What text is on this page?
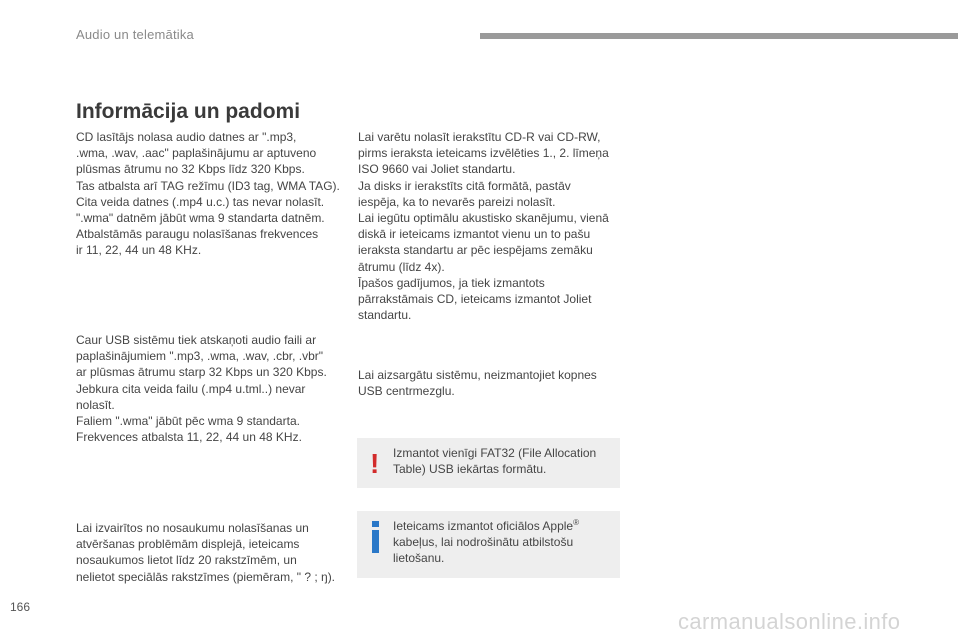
Audio un telemātika
Informācija un padomi

CD lasītājs nolasa audio datnes ar ".mp3,
.wma, .wav, .aac" paplašinājumu ar aptuveno
plūsmas ātrumu no 32 Kbps līdz 320 Kbps.
Tas atbalsta arī TAG režīmu (ID3 tag, WMA TAG).
Cita veida datnes (.mp4 u.c.) tas nevar nolasīt.
".wma" datnēm jābūt wma 9 standarta datnēm.
Atbalstāmās paraugu nolasīšanas frekvences
ir 11, 22, 44 un 48 KHz.

Caur USB sistēmu tiek atskaņoti audio faili ar
paplašinājumiem ".mp3, .wma, .wav, .cbr, .vbr"
ar plūsmas ātrumu starp 32 Kbps un 320 Kbps.
Jebkura cita veida failu (.mp4 u.tml..) nevar
nolasīt.
Faliem ".wma" jābūt pēc wma 9 standarta.
Frekvences atbalsta 11, 22, 44 un 48 KHz.

Lai izvairītos no nosaukumu nolasīšanas un
atvēršanas problēmām displejā, ieteicams
nosaukumos lietot līdz 20 rakstzīmēm, un
nelietot speciālās rakstzīmes (piemēram, " ? ; ŋ).

Lai varētu nolasīt ierakstītu CD-R vai CD-RW,
pirms ieraksta ieteicams izvēlēties 1., 2. līmeņa
ISO 9660 vai Joliet standartu.
Ja disks ir ierakstīts citā formātā, pastāv
iespēja, ka to nevarēs pareizi nolasīt.
Lai iegūtu optimālu akustisko skanējumu, vienā
diskā ir ieteicams izmantot vienu un to pašu
ieraksta standartu ar pēc iespējams zemāku
ātrumu (līdz 4x).
Īpašos gadījumos, ja tiek izmantots
pārrakstāmais CD, ieteicams izmantot Joliet
standartu.

Lai aizsargātu sistēmu, neizmantojiet kopnes
USB centrmezglu.

! Izmantot vienīgi FAT32 (File Allocation
Table) USB iekārtas formātu.

Ieteicams izmantot oficiālos Apple®
kabeļus, lai nodrošinātu atbilstošu
lietošanu.

166
carmanualsonline.info
